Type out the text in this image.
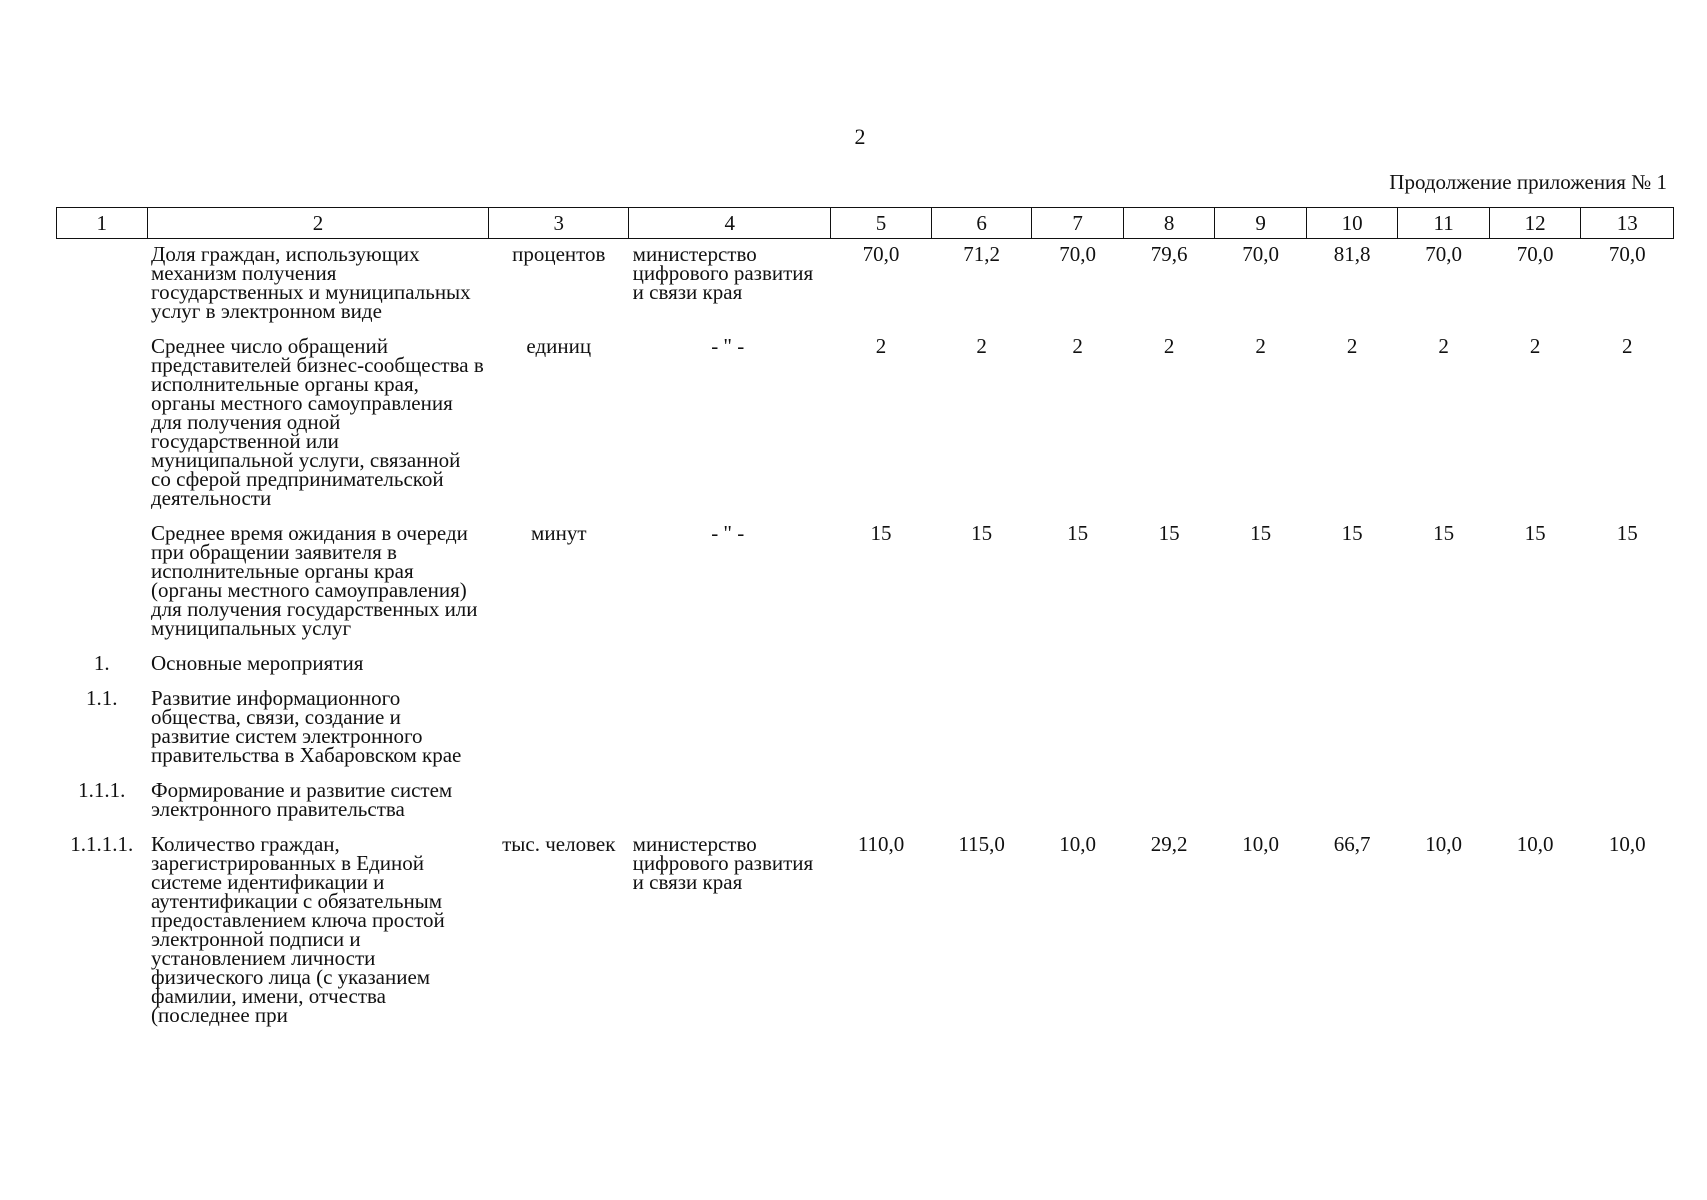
2
Продолжение приложения № 1
1	2	3	4	5	6	7	8	9	10	11	12	13
	Доля граждан, использующих механизм получения государственных и муниципальных услуг в электронном виде	процентов	министерство цифрового развития и связи края	70,0	71,2	70,0	79,6	70,0	81,8	70,0	70,0	70,0
	Среднее число обращений представителей бизнес-сообщества в исполнительные органы края, органы местного самоуправления для получения одной государственной или муниципальной услуги, связанной со сферой предпринимательской деятельности	единиц	- " -	2	2	2	2	2	2	2	2	2
	Среднее время ожидания в очереди при обращении заявителя в исполнительные органы края (органы местного самоуправления) для получения государственных или муниципальных услуг	минут	- " -	15	15	15	15	15	15	15	15	15
1.	Основные мероприятия											
1.1.	Развитие информационного общества, связи, создание и развитие систем электронного правительства в Хабаровском крае											
1.1.1.	Формирование и развитие систем электронного правительства											
1.1.1.1.	Количество граждан, зарегистрированных в Единой системе идентификации и аутентификации с обязательным предоставлением ключа простой электронной подписи и установлением личности физического лица (с указанием фамилии, имени, отчества (последнее при	тыс. человек	министерство цифрового развития и связи края	110,0	115,0	10,0	29,2	10,0	66,7	10,0	10,0	10,0
